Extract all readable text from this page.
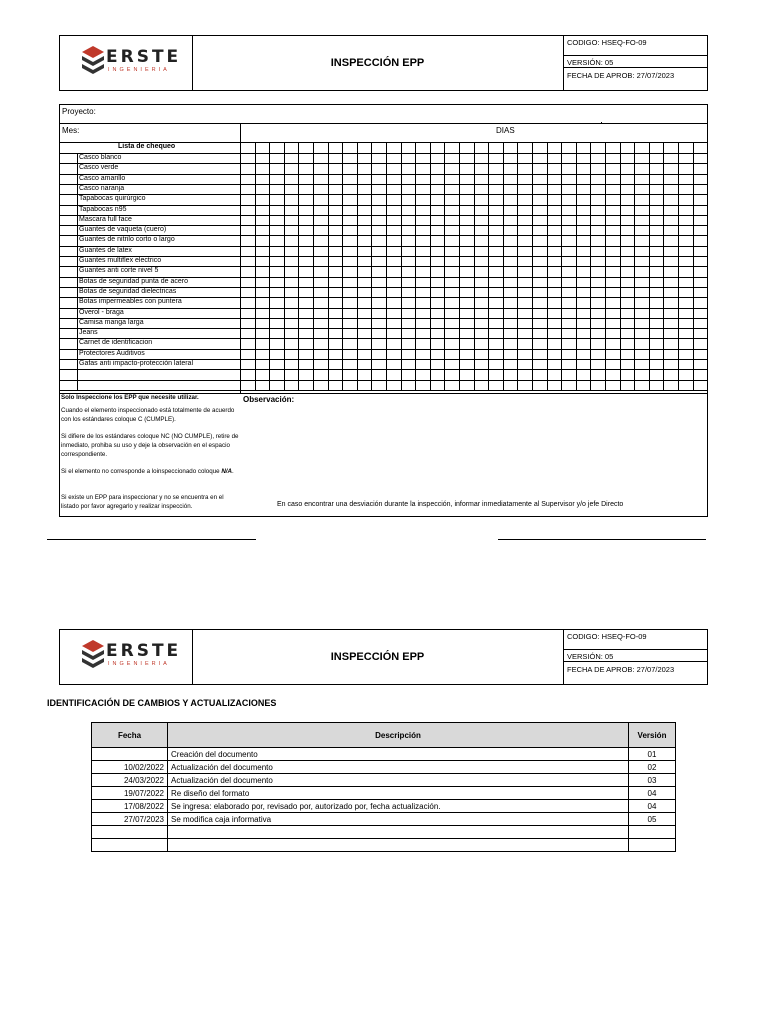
ERSTE
INGENIERIA
INSPECCIÓN EPP
CODIGO: HSEQ-FO-09
VERSIÓN: 05
FECHA DE APROB: 27/07/2023
Proyecto:
Mes:	DIAS
Lista de chequeo
Casco blanco
Casco verde
Casco amarillo
Casco naranja
Tapabocas quirúrgico
Tapabocas n95
Mascara full face
Guantes de vaqueta (cuero)
Guantes de nitrilo corto o largo
Guantes de latex
Guantes multiflex electrico
Guantes anti corte nivel 5
Botas de seguridad punta de acero
Botas de seguridad dielectricas
Botas impermeables con puntera
Overol - braga
Camisa manga larga
Jeans
Carnet de identificacion
Protectores Auditivos
Gafas anti impacto-protección lateral
Solo Inspeccione los EPP que necesite utilizar.
Cuando el elemento inspeccionado está totalmente de acuerdo con los estándares coloque C (CUMPLE).
Si difiere de los estándares coloque NC (NO CUMPLE), retire de inmediato, prohiba su uso y deje la observación en el espacio correspondiente.
Si el elemento no corresponde a loinspeccionado coloque N/A.
Si existe un EPP para inspeccionar y no se encuentra en el listado por favor agregarlo y realizar inspección.
Observación:
En caso encontrar una desviación durante la inspección, informar inmediatamente al Supervisor y/o jefe Directo
ERSTE
INGENIERIA
INSPECCIÓN EPP
CODIGO: HSEQ-FO-09
VERSIÓN: 05
FECHA DE APROB: 27/07/2023
IDENTIFICACIÓN DE CAMBIOS Y ACTUALIZACIONES
Fecha	Descripción	Versión
	Creación del documento	01
10/02/2022	Actualización del documento	02
24/03/2022	Actualización del documento	03
19/07/2022	Re diseño del formato	04
17/08/2022	Se ingresa: elaborado por, revisado por, autorizado por, fecha actualización.	04
27/07/2023	Se modifica caja informativa	05
